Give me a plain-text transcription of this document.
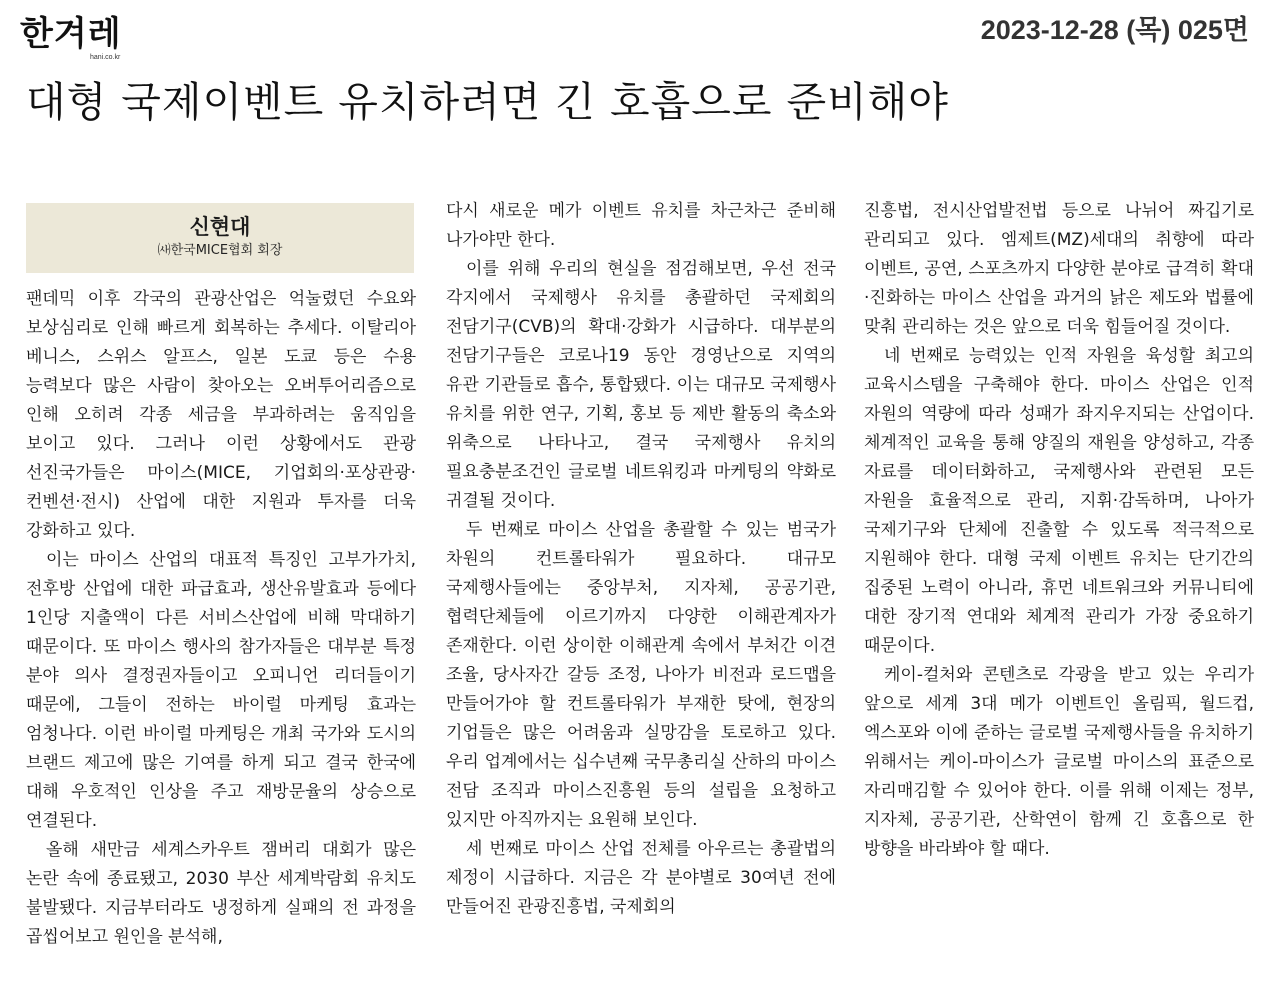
한겨레
hani.co.kr
2023-12-28 (목) 025면
대형 국제이벤트 유치하려면 긴 호흡으로 준비해야
신현대
㈔한국MICE협회 회장

팬데믹 이후 각국의 관광산업은 억눌렸던 수요와 보상심리로 인해 빠르게 회복하는 추세다. 이탈리아 베니스, 스위스 알프스, 일본 도쿄 등은 수용 능력보다 많은 사람이 찾아오는 오버투어리즘으로 인해 오히려 각종 세금을 부과하려는 움직임을 보이고 있다. 그러나 이런 상황에서도 관광 선진국가들은 마이스(MICE, 기업회의·포상관광·컨벤션·전시) 산업에 대한 지원과 투자를 더욱 강화하고 있다.

이는 마이스 산업의 대표적 특징인 고부가가치, 전후방 산업에 대한 파급효과, 생산유발효과 등에다 1인당 지출액이 다른 서비스산업에 비해 막대하기 때문이다. 또 마이스 행사의 참가자들은 대부분 특정 분야 의사 결정권자들이고 오피니언 리더들이기 때문에, 그들이 전하는 바이럴 마케팅 효과는 엄청나다. 이런 바이럴 마케팅은 개최 국가와 도시의 브랜드 제고에 많은 기여를 하게 되고 결국 한국에 대해 우호적인 인상을 주고 재방문율의 상승으로 연결된다.

올해 새만금 세계스카우트 잼버리 대회가 많은 논란 속에 종료됐고, 2030 부산 세계박람회 유치도 불발됐다. 지금부터라도 냉정하게 실패의 전 과정을 곱씹어보고 원인을 분석해,

다시 새로운 메가 이벤트 유치를 차근차근 준비해 나가야만 한다.

이를 위해 우리의 현실을 점검해보면, 우선 전국 각지에서 국제행사 유치를 총괄하던 국제회의 전담기구(CVB)의 확대·강화가 시급하다. 대부분의 전담기구들은 코로나19 동안 경영난으로 지역의 유관 기관들로 흡수, 통합됐다. 이는 대규모 국제행사 유치를 위한 연구, 기획, 홍보 등 제반 활동의 축소와 위축으로 나타나고, 결국 국제행사 유치의 필요충분조건인 글로벌 네트워킹과 마케팅의 약화로 귀결될 것이다.

두 번째로 마이스 산업을 총괄할 수 있는 범국가 차원의 컨트롤타워가 필요하다. 대규모 국제행사들에는 중앙부처, 지자체, 공공기관, 협력단체들에 이르기까지 다양한 이해관계자가 존재한다. 이런 상이한 이해관계 속에서 부처간 이견 조율, 당사자간 갈등 조정, 나아가 비전과 로드맵을 만들어가야 할 컨트롤타워가 부재한 탓에, 현장의 기업들은 많은 어려움과 실망감을 토로하고 있다. 우리 업계에서는 십수년째 국무총리실 산하의 마이스 전담 조직과 마이스진흥원 등의 설립을 요청하고 있지만 아직까지는 요원해 보인다.

세 번째로 마이스 산업 전체를 아우르는 총괄법의 제정이 시급하다. 지금은 각 분야별로 30여년 전에 만들어진 관광진흥법, 국제회의

진흥법, 전시산업발전법 등으로 나뉘어 짜깁기로 관리되고 있다. 엠제트(MZ)세대의 취향에 따라 이벤트, 공연, 스포츠까지 다양한 분야로 급격히 확대·진화하는 마이스 산업을 과거의 낡은 제도와 법률에 맞춰 관리하는 것은 앞으로 더욱 힘들어질 것이다.

네 번째로 능력있는 인적 자원을 육성할 최고의 교육시스템을 구축해야 한다. 마이스 산업은 인적 자원의 역량에 따라 성패가 좌지우지되는 산업이다. 체계적인 교육을 통해 양질의 재원을 양성하고, 각종 자료를 데이터화하고, 국제행사와 관련된 모든 자원을 효율적으로 관리, 지휘·감독하며, 나아가 국제기구와 단체에 진출할 수 있도록 적극적으로 지원해야 한다. 대형 국제 이벤트 유치는 단기간의 집중된 노력이 아니라, 휴먼 네트워크와 커뮤니티에 대한 장기적 연대와 체계적 관리가 가장 중요하기 때문이다.

케이-컬처와 콘텐츠로 각광을 받고 있는 우리가 앞으로 세계 3대 메가 이벤트인 올림픽, 월드컵, 엑스포와 이에 준하는 글로벌 국제행사들을 유치하기 위해서는 케이-마이스가 글로벌 마이스의 표준으로 자리매김할 수 있어야 한다. 이를 위해 이제는 정부, 지자체, 공공기관, 산학연이 함께 긴 호흡으로 한 방향을 바라봐야 할 때다.
